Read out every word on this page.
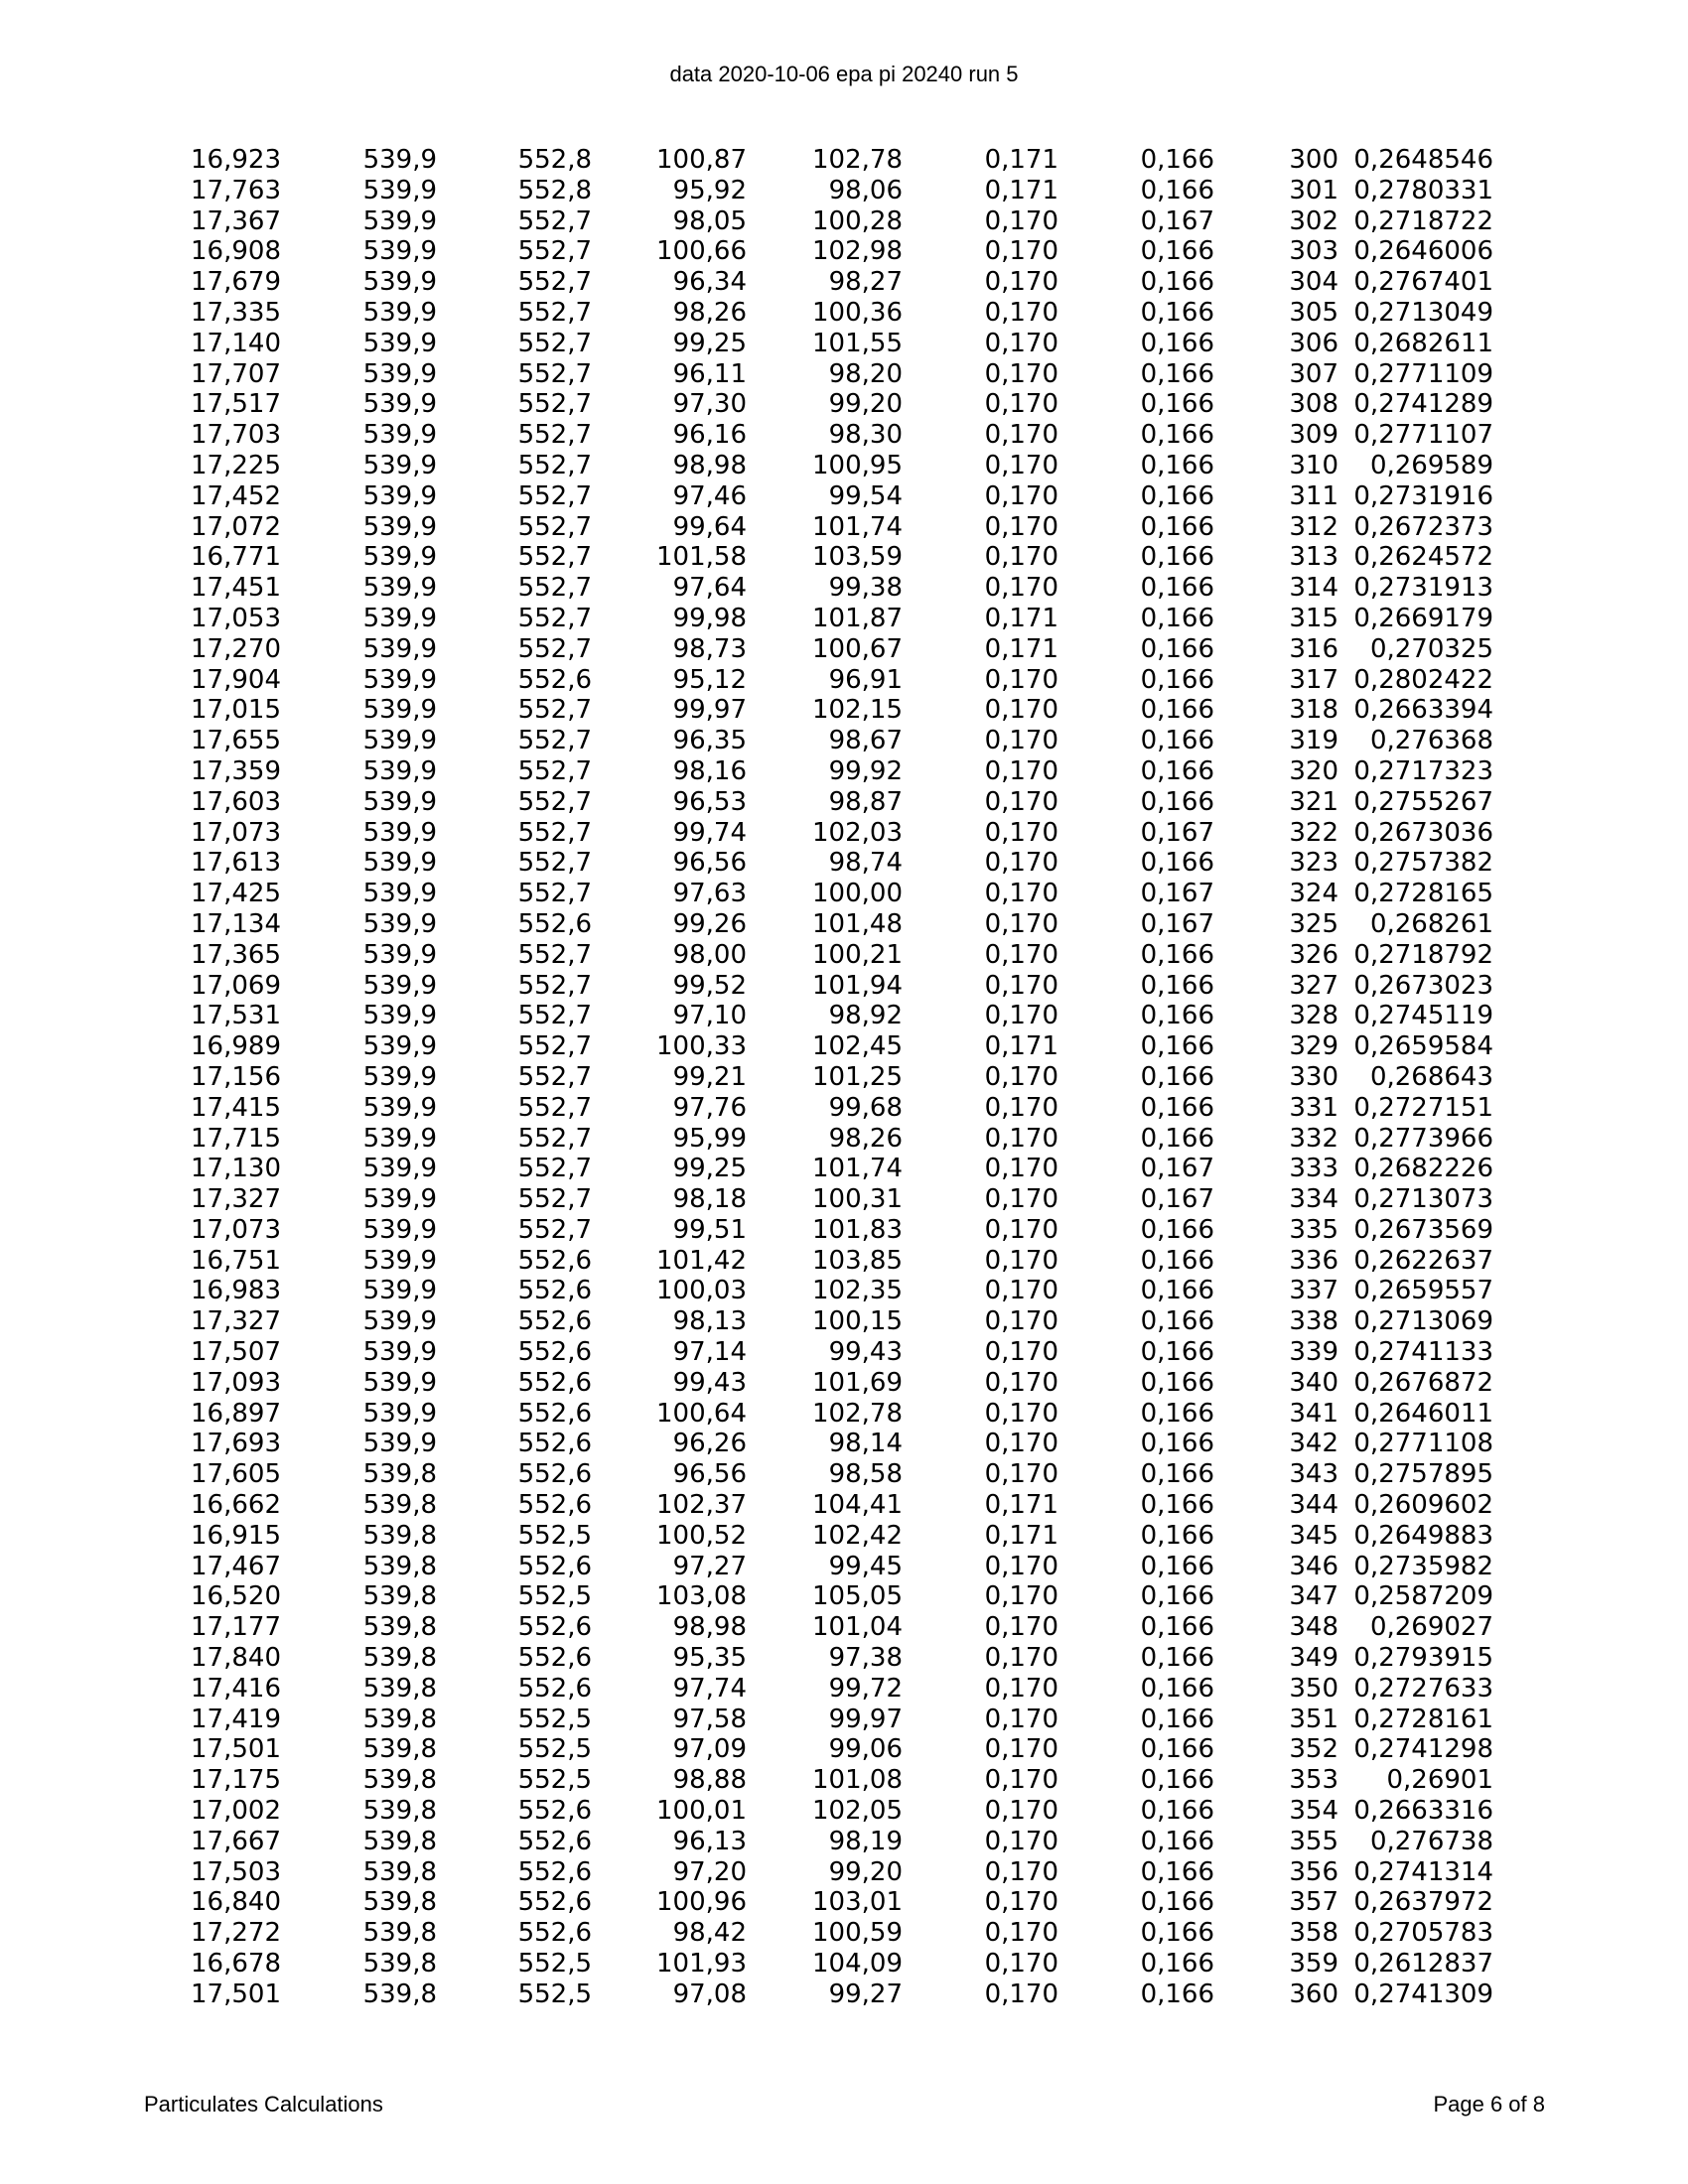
data 2020-10-06 epa pi 20240 run 5
16,923	539,9	552,8	100,87	102,78	0,171	0,166	300	0,2648546
17,763	539,9	552,8	95,92	98,06	0,171	0,166	301	0,2780331
17,367	539,9	552,7	98,05	100,28	0,170	0,167	302	0,2718722
16,908	539,9	552,7	100,66	102,98	0,170	0,166	303	0,2646006
17,679	539,9	552,7	96,34	98,27	0,170	0,166	304	0,2767401
17,335	539,9	552,7	98,26	100,36	0,170	0,166	305	0,2713049
17,140	539,9	552,7	99,25	101,55	0,170	0,166	306	0,2682611
17,707	539,9	552,7	96,11	98,20	0,170	0,166	307	0,2771109
17,517	539,9	552,7	97,30	99,20	0,170	0,166	308	0,2741289
17,703	539,9	552,7	96,16	98,30	0,170	0,166	309	0,2771107
17,225	539,9	552,7	98,98	100,95	0,170	0,166	310	0,269589
17,452	539,9	552,7	97,46	99,54	0,170	0,166	311	0,2731916
17,072	539,9	552,7	99,64	101,74	0,170	0,166	312	0,2672373
16,771	539,9	552,7	101,58	103,59	0,170	0,166	313	0,2624572
17,451	539,9	552,7	97,64	99,38	0,170	0,166	314	0,2731913
17,053	539,9	552,7	99,98	101,87	0,171	0,166	315	0,2669179
17,270	539,9	552,7	98,73	100,67	0,171	0,166	316	0,270325
17,904	539,9	552,6	95,12	96,91	0,170	0,166	317	0,2802422
17,015	539,9	552,7	99,97	102,15	0,170	0,166	318	0,2663394
17,655	539,9	552,7	96,35	98,67	0,170	0,166	319	0,276368
17,359	539,9	552,7	98,16	99,92	0,170	0,166	320	0,2717323
17,603	539,9	552,7	96,53	98,87	0,170	0,166	321	0,2755267
17,073	539,9	552,7	99,74	102,03	0,170	0,167	322	0,2673036
17,613	539,9	552,7	96,56	98,74	0,170	0,166	323	0,2757382
17,425	539,9	552,7	97,63	100,00	0,170	0,167	324	0,2728165
17,134	539,9	552,6	99,26	101,48	0,170	0,167	325	0,268261
17,365	539,9	552,7	98,00	100,21	0,170	0,166	326	0,2718792
17,069	539,9	552,7	99,52	101,94	0,170	0,166	327	0,2673023
17,531	539,9	552,7	97,10	98,92	0,170	0,166	328	0,2745119
16,989	539,9	552,7	100,33	102,45	0,171	0,166	329	0,2659584
17,156	539,9	552,7	99,21	101,25	0,170	0,166	330	0,268643
17,415	539,9	552,7	97,76	99,68	0,170	0,166	331	0,2727151
17,715	539,9	552,7	95,99	98,26	0,170	0,166	332	0,2773966
17,130	539,9	552,7	99,25	101,74	0,170	0,167	333	0,2682226
17,327	539,9	552,7	98,18	100,31	0,170	0,167	334	0,2713073
17,073	539,9	552,7	99,51	101,83	0,170	0,166	335	0,2673569
16,751	539,9	552,6	101,42	103,85	0,170	0,166	336	0,2622637
16,983	539,9	552,6	100,03	102,35	0,170	0,166	337	0,2659557
17,327	539,9	552,6	98,13	100,15	0,170	0,166	338	0,2713069
17,507	539,9	552,6	97,14	99,43	0,170	0,166	339	0,2741133
17,093	539,9	552,6	99,43	101,69	0,170	0,166	340	0,2676872
16,897	539,9	552,6	100,64	102,78	0,170	0,166	341	0,2646011
17,693	539,9	552,6	96,26	98,14	0,170	0,166	342	0,2771108
17,605	539,8	552,6	96,56	98,58	0,170	0,166	343	0,2757895
16,662	539,8	552,6	102,37	104,41	0,171	0,166	344	0,2609602
16,915	539,8	552,5	100,52	102,42	0,171	0,166	345	0,2649883
17,467	539,8	552,6	97,27	99,45	0,170	0,166	346	0,2735982
16,520	539,8	552,5	103,08	105,05	0,170	0,166	347	0,2587209
17,177	539,8	552,6	98,98	101,04	0,170	0,166	348	0,269027
17,840	539,8	552,6	95,35	97,38	0,170	0,166	349	0,2793915
17,416	539,8	552,6	97,74	99,72	0,170	0,166	350	0,2727633
17,419	539,8	552,5	97,58	99,97	0,170	0,166	351	0,2728161
17,501	539,8	552,5	97,09	99,06	0,170	0,166	352	0,2741298
17,175	539,8	552,5	98,88	101,08	0,170	0,166	353	0,26901
17,002	539,8	552,6	100,01	102,05	0,170	0,166	354	0,2663316
17,667	539,8	552,6	96,13	98,19	0,170	0,166	355	0,276738
17,503	539,8	552,6	97,20	99,20	0,170	0,166	356	0,2741314
16,840	539,8	552,6	100,96	103,01	0,170	0,166	357	0,2637972
17,272	539,8	552,6	98,42	100,59	0,170	0,166	358	0,2705783
16,678	539,8	552,5	101,93	104,09	0,170	0,166	359	0,2612837
17,501	539,8	552,5	97,08	99,27	0,170	0,166	360	0,2741309
Particulates Calculations	Page 6 of 8
